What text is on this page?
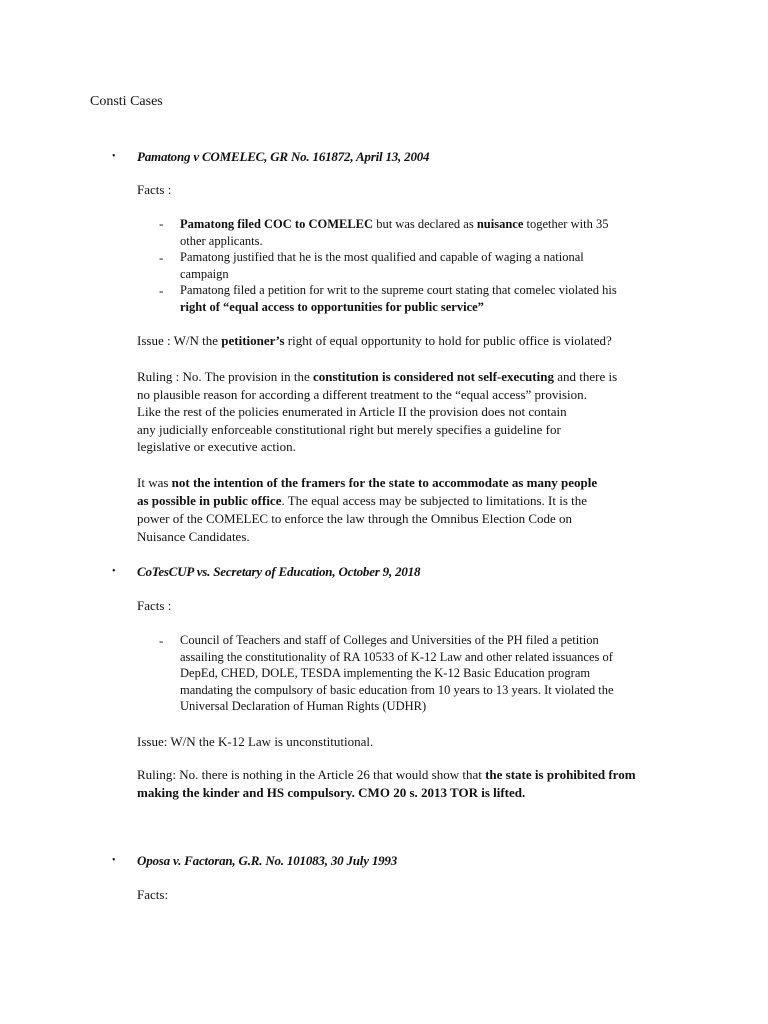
Consti Cases
• Pamatong v COMELEC, GR No. 161872, April 13, 2004
Facts :
- Pamatong filed COC to COMELEC but was declared as nuisance together with 35
other applicants.
- Pamatong justified that he is the most qualified and capable of waging a national
campaign
- Pamatong filed a petition for writ to the supreme court stating that comelec violated his
right of “equal access to opportunities for public service”
Issue : W/N the petitioner’s right of equal opportunity to hold for public office is violated?
Ruling : No. The provision in the constitution is considered not self-executing and there is
no plausible reason for according a different treatment to the “equal access” provision.
Like the rest of the policies enumerated in Article II the provision does not contain
any judicially enforceable constitutional right but merely specifies a guideline for
legislative or executive action.
It was not the intention of the framers for the state to accommodate as many people
as possible in public office. The equal access may be subjected to limitations. It is the
power of the COMELEC to enforce the law through the Omnibus Election Code on
Nuisance Candidates.
• CoTesCUP vs. Secretary of Education, October 9, 2018
Facts :
- Council of Teachers and staff of Colleges and Universities of the PH filed a petition
assailing the constitutionality of RA 10533 of K-12 Law and other related issuances of
DepEd, CHED, DOLE, TESDA implementing the K-12 Basic Education program
mandating the compulsory of basic education from 10 years to 13 years. It violated the
Universal Declaration of Human Rights (UDHR)
Issue: W/N the K-12 Law is unconstitutional.
Ruling: No. there is nothing in the Article 26 that would show that the state is prohibited from
making the kinder and HS compulsory. CMO 20 s. 2013 TOR is lifted.
• Oposa v. Factoran, G.R. No. 101083, 30 July 1993
Facts:
